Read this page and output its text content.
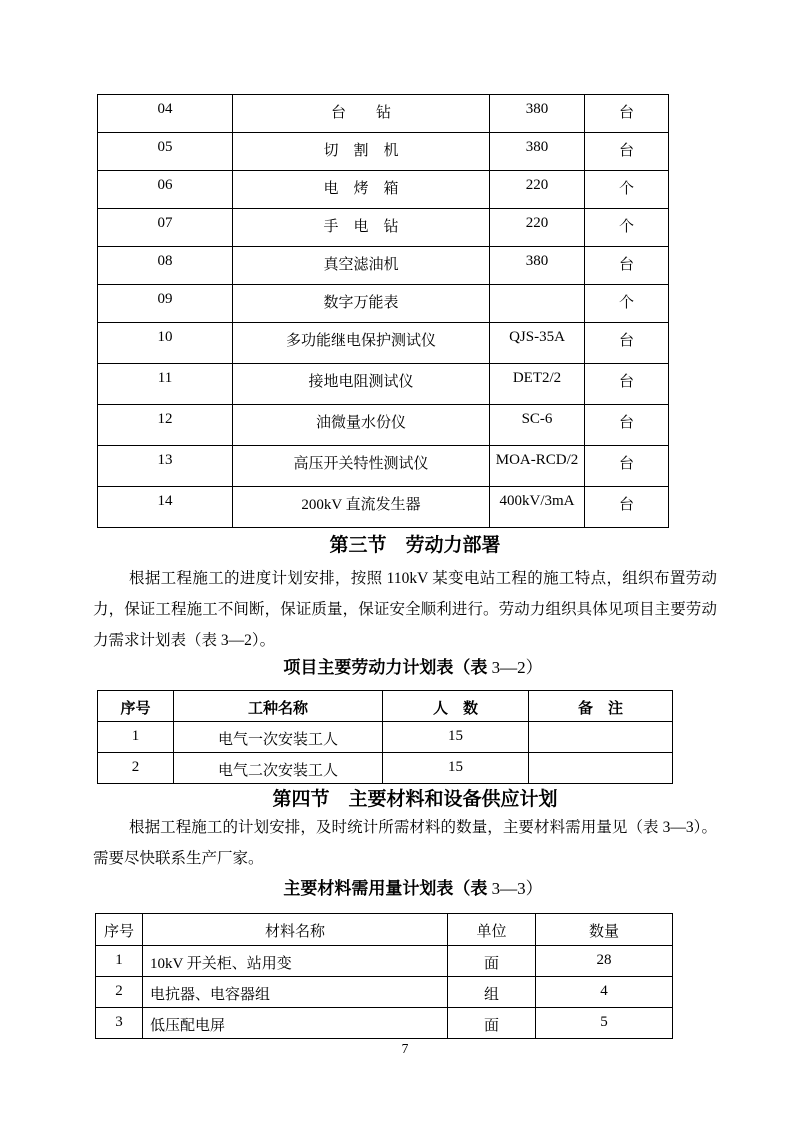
04	台　　钻	380	台
05	切　割　机	380	台
06	电　烤　箱	220	个
07	手　电　钻	220	个
08	真空滤油机	380	台
09	数字万能表		个
10	多功能继电保护测试仪	QJS-35A	台
11	接地电阻测试仪	DET2/2	台
12	油微量水份仪	SC-6	台
13	高压开关特性测试仪	MOA-RCD/2	台
14	200kV 直流发生器	400kV/3mA	台
第三节　劳动力部署

根据工程施工的进度计划安排，按照 110kV 某变电站工程的施工特点，组织布置劳动力，保证工程施工不间断，保证质量，保证安全顺利进行。劳动力组织具体见项目主要劳动力需求计划表（表 3—2）。

项目主要劳动力计划表（表 3—2）
序号	工种名称	人　数	备　注
1	电气一次安装工人	15	
2	电气二次安装工人	15	
第四节　主要材料和设备供应计划

根据工程施工的计划安排，及时统计所需材料的数量，主要材料需用量见（表 3—3）。需要尽快联系生产厂家。

主要材料需用量计划表（表 3—3）
序号	材料名称	单位	数量
1	10kV 开关柜、站用变	面	28
2	电抗器、电容器组	组	4
3	低压配电屏	面	5
7
